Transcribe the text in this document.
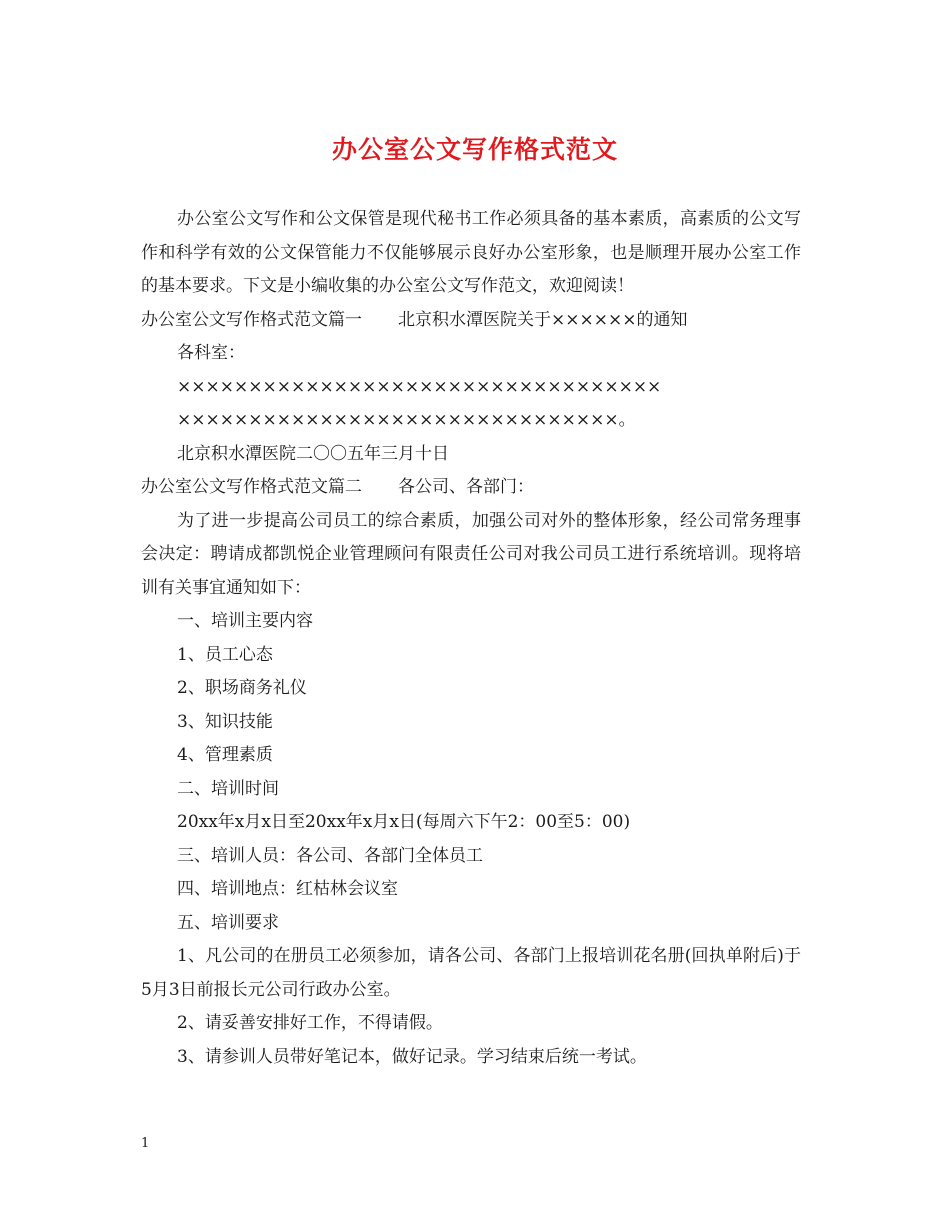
办公室公文写作格式范文

办公室公文写作和公文保管是现代秘书工作必须具备的基本素质，高素质的公文写作和科学有效的公文保管能力不仅能够展示良好办公室形象，也是顺理开展办公室工作的基本要求。下文是小编收集的办公室公文写作范文，欢迎阅读！

办公室公文写作格式范文篇一 北京积水潭医院关于××××××的通知

各科室：

××××××××××××××××××××××××××××××××××

×××××××××××××××××××××××××××××××。

北京积水潭医院二〇〇五年三月十日

办公室公文写作格式范文篇二 各公司、各部门：

为了进一步提高公司员工的综合素质，加强公司对外的整体形象，经公司常务理事会决定：聘请成都凯悦企业管理顾问有限责任公司对我公司员工进行系统培训。现将培训有关事宜通知如下：

一、培训主要内容

1、员工心态

2、职场商务礼仪

3、知识技能

4、管理素质

二、培训时间

20xx年x月x日至20xx年x月x日(每周六下午2：00至5：00)

三、培训人员：各公司、各部门全体员工

四、培训地点：红枯林会议室

五、培训要求

1、凡公司的在册员工必须参加，请各公司、各部门上报培训花名册(回执单附后)于5月3日前报长元公司行政办公室。

2、请妥善安排好工作，不得请假。

3、请参训人员带好笔记本，做好记录。学习结束后统一考试。

1
